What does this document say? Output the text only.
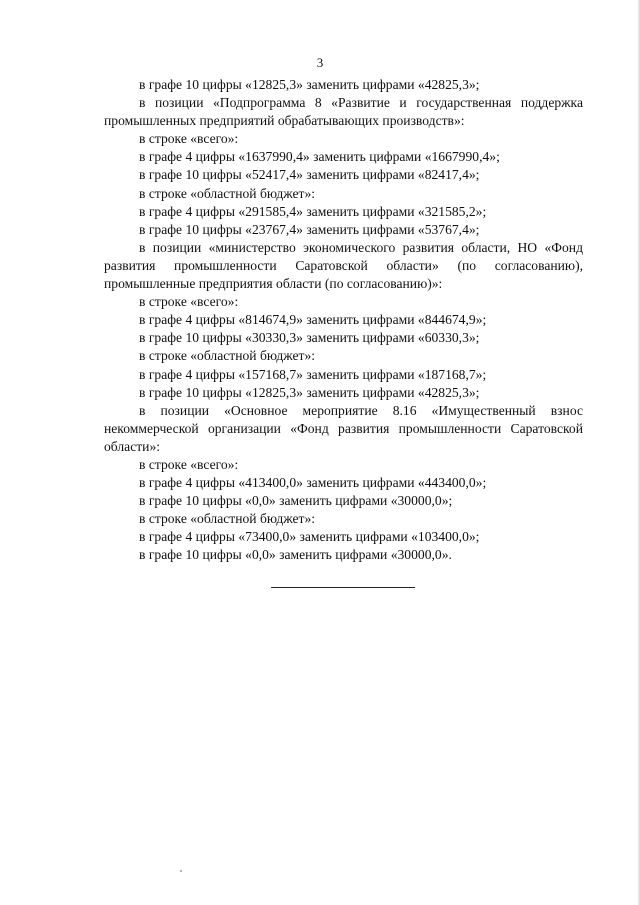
3

в графе 10 цифры «12825,3» заменить цифрами «42825,3»;

в позиции «Подпрограмма 8 «Развитие и государственная поддержка промышленных предприятий обрабатывающих производств»:

в строке «всего»:

в графе 4 цифры «1637990,4» заменить цифрами «1667990,4»;

в графе 10 цифры «52417,4» заменить цифрами «82417,4»;

в строке «областной бюджет»:

в графе 4 цифры «291585,4» заменить цифрами «321585,2»;

в графе 10 цифры «23767,4» заменить цифрами «53767,4»;

в позиции «министерство экономического развития области, НО «Фонд развития промышленности Саратовской области» (по согласованию), промышленные предприятия области (по согласованию)»:

в строке «всего»:

в графе 4 цифры «814674,9» заменить цифрами «844674,9»;

в графе 10 цифры «30330,3» заменить цифрами «60330,3»;

в строке «областной бюджет»:

в графе 4 цифры «157168,7» заменить цифрами «187168,7»;

в графе 10 цифры «12825,3» заменить цифрами «42825,3»;

в позиции «Основное мероприятие 8.16 «Имущественный взнос некоммерческой организации «Фонд развития промышленности Саратовской области»:

в строке «всего»:

в графе 4 цифры «413400,0» заменить цифрами «443400,0»;

в графе 10 цифры «0,0» заменить цифрами «30000,0»;

в строке «областной бюджет»:

в графе 4 цифры «73400,0» заменить цифрами «103400,0»;

в графе 10 цифры «0,0» заменить цифрами «30000,0».
